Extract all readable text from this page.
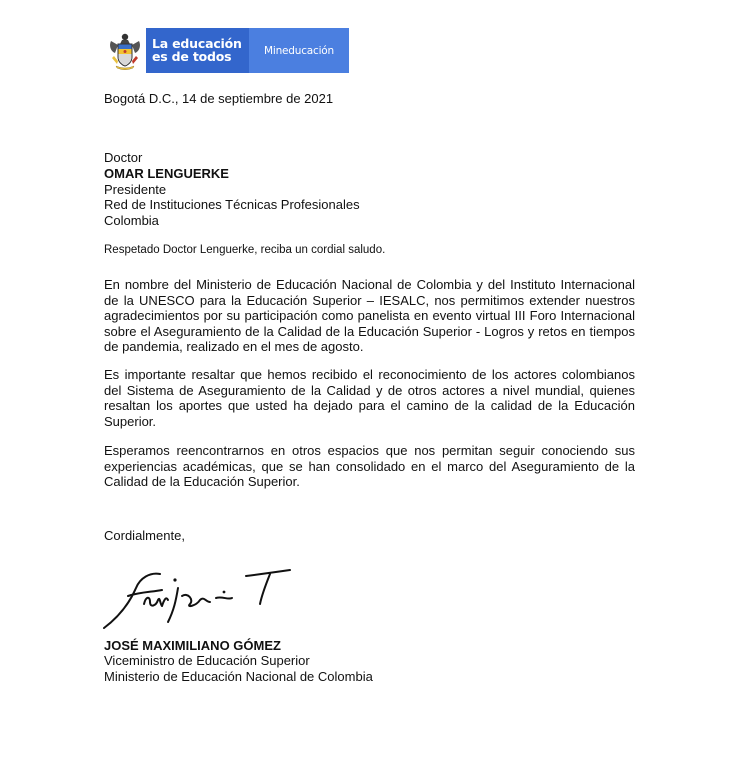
La educación
es de todos	Mineducación

Bogotá D.C., 14 de septiembre de 2021

Doctor

OMAR LENGUERKE

Presidente

Red de Instituciones Técnicas Profesionales

Colombia

Respetado Doctor Lenguerke, reciba un cordial saludo.

En nombre del Ministerio de Educación Nacional de Colombia y del Instituto Internacional de la UNESCO para la Educación Superior – IESALC, nos permitimos extender nuestros agradecimientos por su participación como panelista en evento virtual III Foro Internacional sobre el Aseguramiento de la Calidad de la Educación Superior - Logros y retos en tiempos de pandemia, realizado en el mes de agosto.

Es importante resaltar que hemos recibido el reconocimiento de los actores colombianos del Sistema de Aseguramiento de la Calidad y de otros actores a nivel mundial, quienes resaltan los aportes que usted ha dejado para el camino de la calidad de la Educación Superior.

Esperamos reencontrarnos en otros espacios que nos permitan seguir conociendo sus experiencias académicas, que se han consolidado en el marco del Aseguramiento de la Calidad de la Educación Superior.

Cordialmente,

JOSÉ MAXIMILIANO GÓMEZ

Viceministro de Educación Superior

Ministerio de Educación Nacional de Colombia
